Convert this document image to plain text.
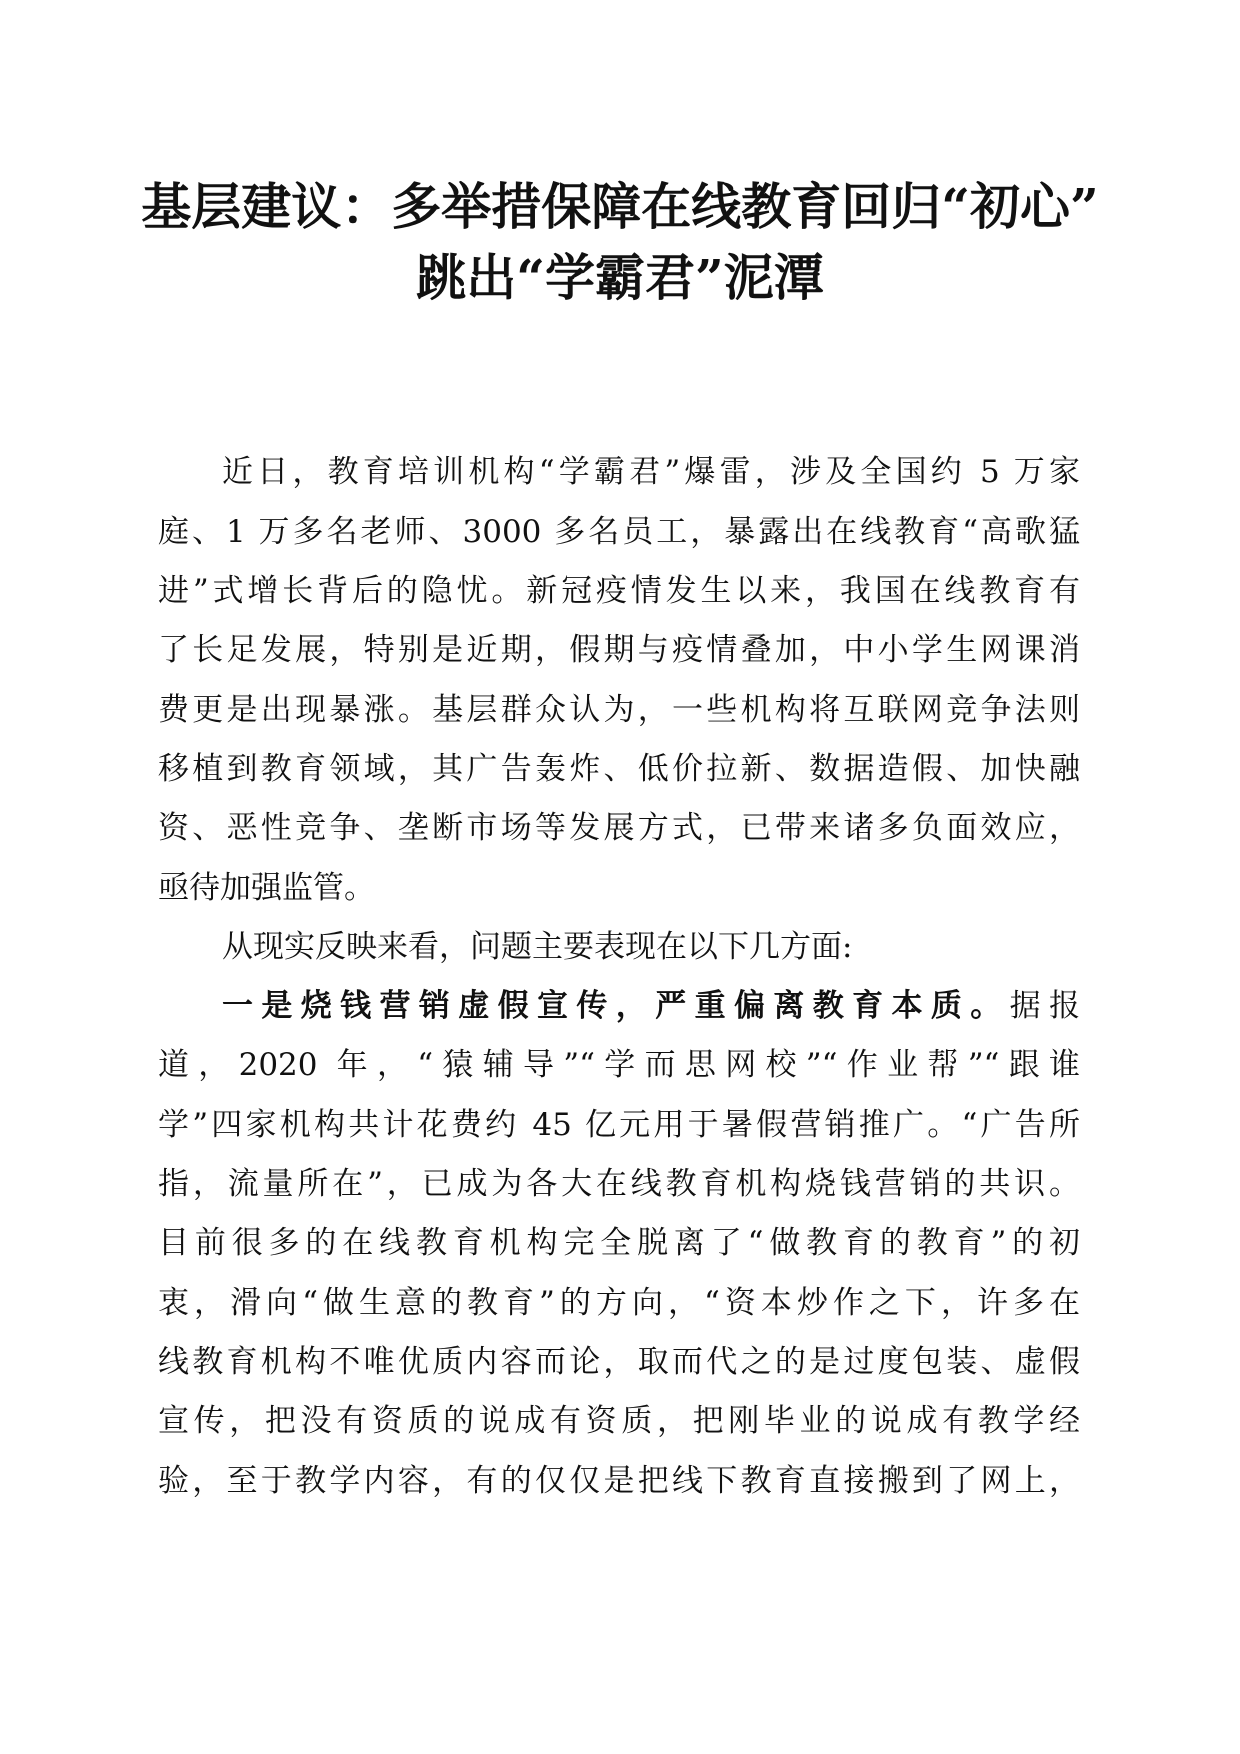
基层建议：多举措保障在线教育回归“初心”
跳出“学霸君”泥潭

近日，教育培训机构“学霸君”爆雷，涉及全国约 5 万家

庭、1 万多名老师、3000 多名员工，暴露出在线教育“高歌猛

进”式增长背后的隐忧。新冠疫情发生以来，我国在线教育有

了长足发展，特别是近期，假期与疫情叠加，中小学生网课消

费更是出现暴涨。基层群众认为，一些机构将互联网竞争法则

移植到教育领域，其广告轰炸、低价拉新、数据造假、加快融

资、恶性竞争、垄断市场等发展方式，已带来诸多负面效应，

亟待加强监管。

从现实反映来看，问题主要表现在以下几方面:

一是烧钱营销虚假宣传，严重偏离教育本质。据报

道，2020 年，“猿辅导”“学而思网校”“作业帮”“跟谁

学”四家机构共计花费约 45 亿元用于暑假营销推广。“广告所

指，流量所在”，已成为各大在线教育机构烧钱营销的共识。

目前很多的在线教育机构完全脱离了“做教育的教育”的初

衷，滑向“做生意的教育”的方向，“资本炒作之下，许多在

线教育机构不唯优质内容而论，取而代之的是过度包装、虚假

宣传，把没有资质的说成有资质，把刚毕业的说成有教学经

验，至于教学内容，有的仅仅是把线下教育直接搬到了网上，
